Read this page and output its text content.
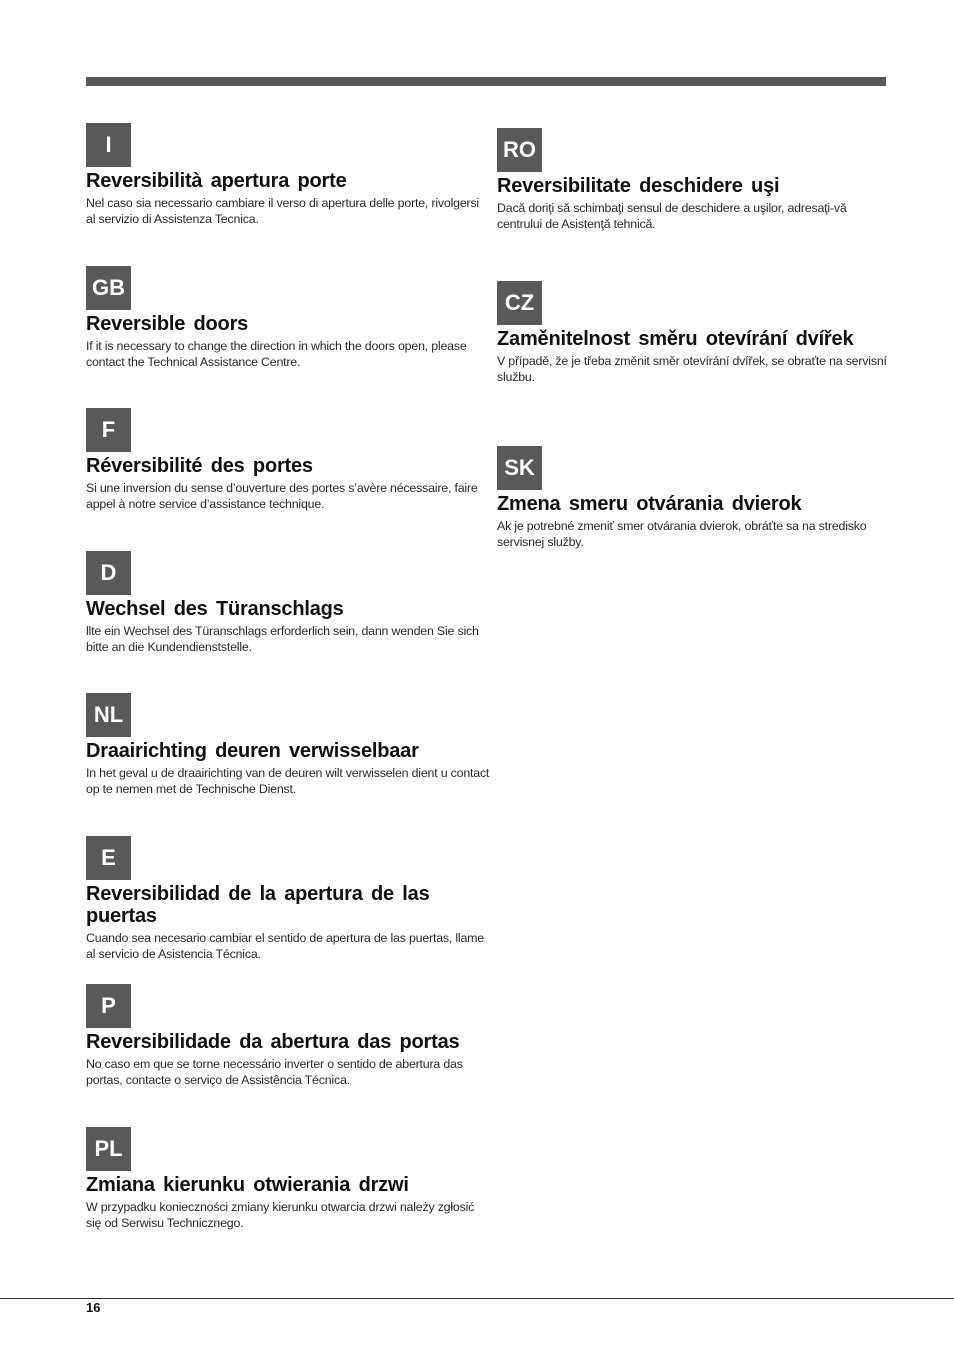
I
Reversibilità apertura porte
Nel caso sia necessario cambiare il verso di apertura delle porte, rivolgersi al servizio di Assistenza Tecnica.
GB
Reversible doors
If it is necessary to change the direction in which the doors open, please contact the Technical Assistance Centre.
F
Réversibilité des portes
Si une inversion du sense d’ouverture des portes s’avère nécessaire, faire appel à notre service d’assistance technique.
D
Wechsel des Türanschlags
llte ein Wechsel des Türanschlags erforderlich sein, dann wenden Sie sich bitte an die Kundendienststelle.
NL
Draairichting deuren verwisselbaar
In het geval u de draairichting van de deuren wilt verwisselen dient u contact op te nemen met de Technische Dienst.
E
Reversibilidad de la apertura de las puertas
Cuando sea necesario cambiar el sentido de apertura de las puertas, llame al servicio de Asistencia Técnica.
P
Reversibilidade da abertura das portas
No caso em que se torne necessário inverter o sentido de abertura das portas, contacte o serviço de Assistência Técnica.
PL
Zmiana kierunku otwierania drzwi
W przypadku konieczności zmiany kierunku otwarcia drzwi należy zgłosić się od Serwisu Technicznego.
RO
Reversibilitate deschidere uşi
Dacă doriţi să schimbaţi sensul de deschidere a uşilor, adresaţi-vă centrului de Asistenţă tehnică.
CZ
Zaměnitelnost směru otevírání dvířek
V případě, že je třeba změnit směr otevírání dvířek, se obraťte na servisní službu.
SK
Zmena smeru otvárania dvierok
Ak je potrebné zmeniť smer otvárania dvierok, obráťte sa na stredisko servisnej služby.
16
